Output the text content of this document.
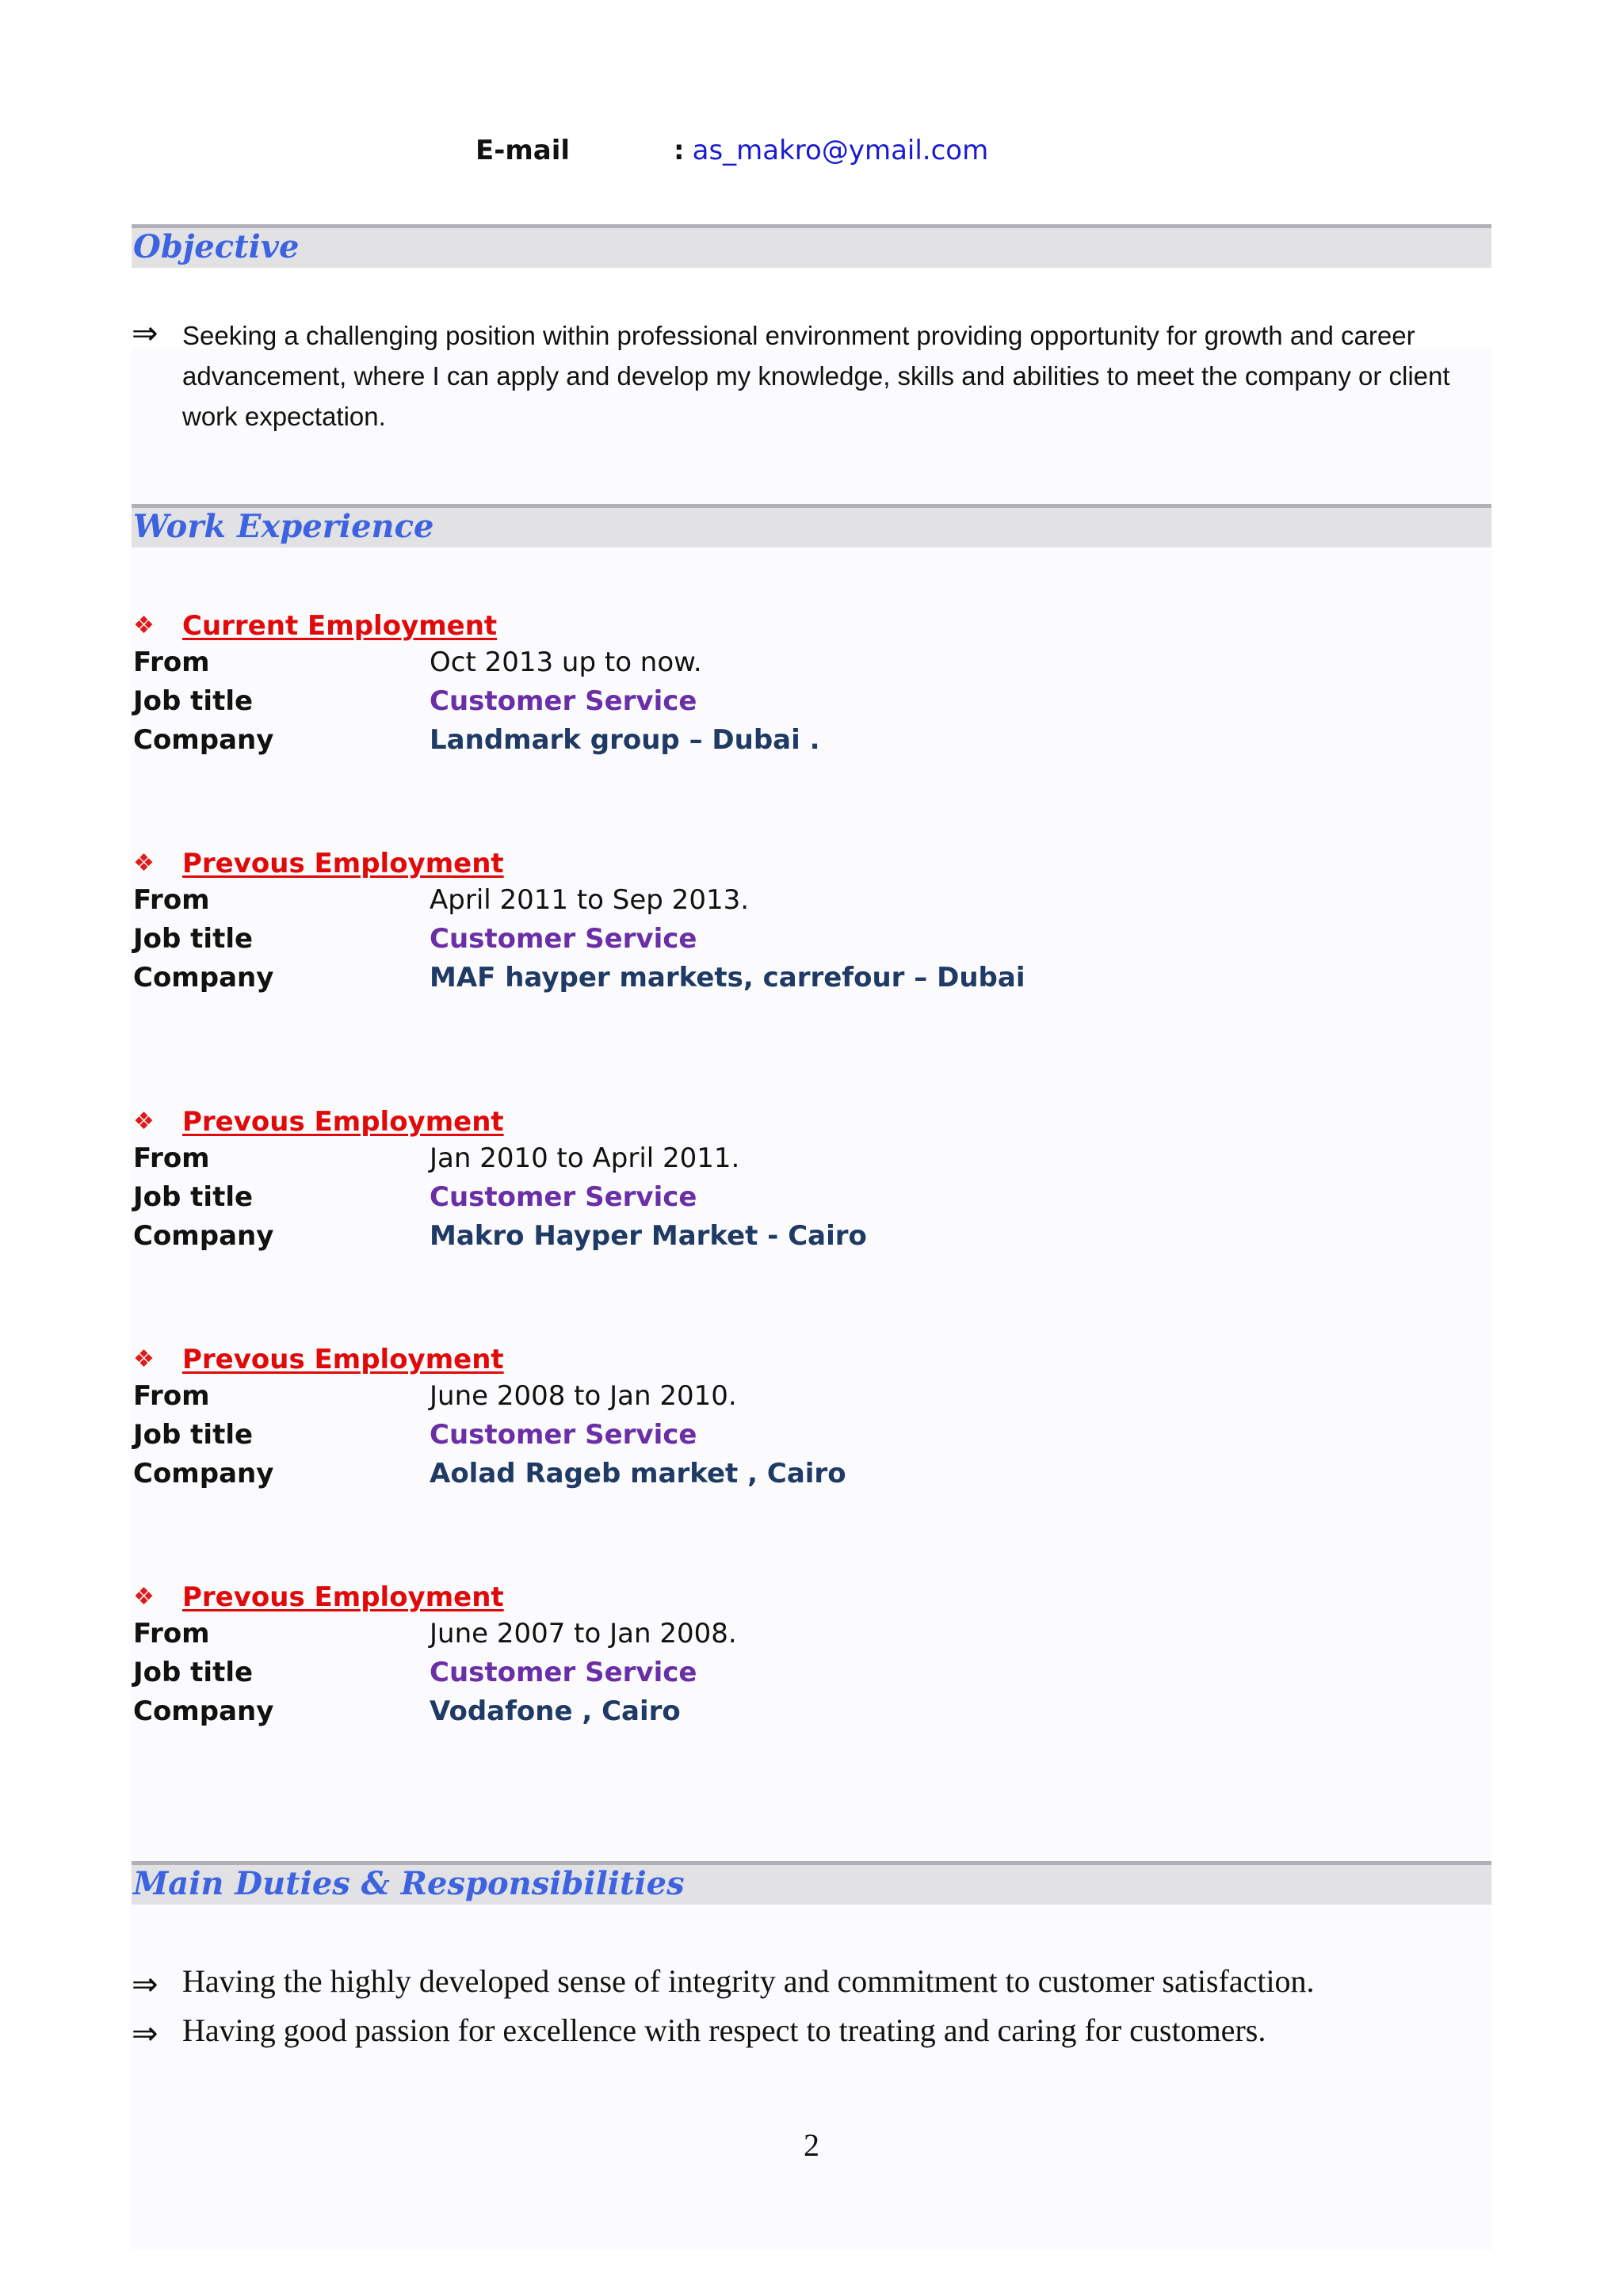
E-mail	: as_makro@ymail.com
Objective
⇒ Seeking a challenging position within professional environment providing opportunity for growth and career advancement, where I can apply and develop my knowledge, skills and abilities to meet the company or client work expectation.
Work Experience
❖ Current Employment
From	Oct 2013 up to now.
Job title	Customer Service
Company	Landmark group – Dubai .
❖ Prevous Employment
From	April 2011 to Sep 2013.
Job title	Customer Service
Company	MAF hayper markets, carrefour – Dubai
❖ Prevous Employment
From	Jan 2010 to April 2011.
Job title	Customer Service
Company	Makro Hayper Market - Cairo
❖ Prevous Employment
From	June 2008 to Jan 2010.
Job title	Customer Service
Company	Aolad Rageb market , Cairo
❖ Prevous Employment
From	June 2007 to Jan 2008.
Job title	Customer Service
Company	Vodafone , Cairo
Main Duties & Responsibilities
⇒ Having the highly developed sense of integrity and commitment to customer satisfaction.
⇒ Having good passion for excellence with respect to treating and caring for customers.
2
